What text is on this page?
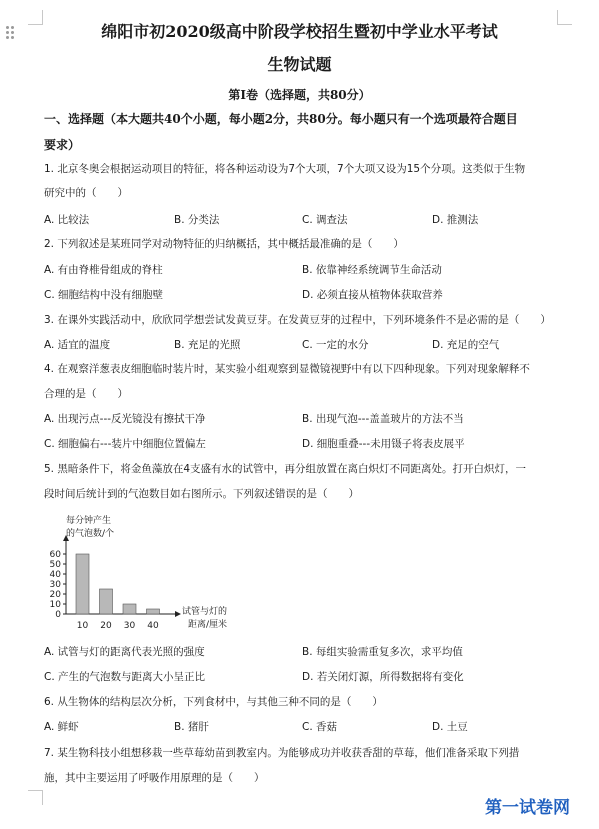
绵阳市初2020级高中阶段学校招生暨初中学业水平考试
生物试题
第Ⅰ卷（选择题，共80分）
一、选择题（本大题共40个小题，每小题2分，共80分。每小题只有一个选项最符合题目
要求）
1. 北京冬奥会根据运动项目的特征，将各种运动设为7个大项，7个大项又设为15个分项。这类似于生物
研究中的（　　）
A. 比较法	B. 分类法	C. 调查法	D. 推测法
2. 下列叙述是某班同学对动物特征的归纳概括，其中概括最准确的是（　　）
A. 有由脊椎骨组成的脊柱	B. 依靠神经系统调节生命活动
C. 细胞结构中没有细胞壁	D. 必须直接从植物体获取营养
3. 在课外实践活动中，欣欣同学想尝试发黄豆芽。在发黄豆芽的过程中，下列环境条件不是必需的是（　　）
A. 适宜的温度	B. 充足的光照	C. 一定的水分	D. 充足的空气
4. 在观察洋葱表皮细胞临时装片时，某实验小组观察到显微镜视野中有以下四种现象。下列对现象解释不
合理的是（　　）
A. 出现污点---反光镜没有擦拭干净	B. 出现气泡---盖盖玻片的方法不当
C. 细胞偏右---装片中细胞位置偏左	D. 细胞重叠---未用镊子将表皮展平
5. 黑暗条件下，将金鱼藻放在4支盛有水的试管中，再分组放置在离白炽灯不同距离处。打开白炽灯，一
段时间后统计到的气泡数目如右图所示。下列叙述错误的是（　　）
每分钟产生
的气泡数/个
0
10
20
30
40
50
60
10 20 30 40
试管与灯的
距离/厘米
A. 试管与灯的距离代表光照的强度	B. 每组实验需重复多次，求平均值
C. 产生的气泡数与距离大小呈正比	D. 若关闭灯源，所得数据将有变化
6. 从生物体的结构层次分析，下列食材中，与其他三种不同的是（　　）
A. 鲜虾	B. 猪肝	C. 香菇	D. 土豆
7. 某生物科技小组想移栽一些草莓幼苗到教室内。为能够成功并收获香甜的草莓，他们准备采取下列措
施，其中主要运用了呼吸作用原理的是（　　）
第一试卷网
